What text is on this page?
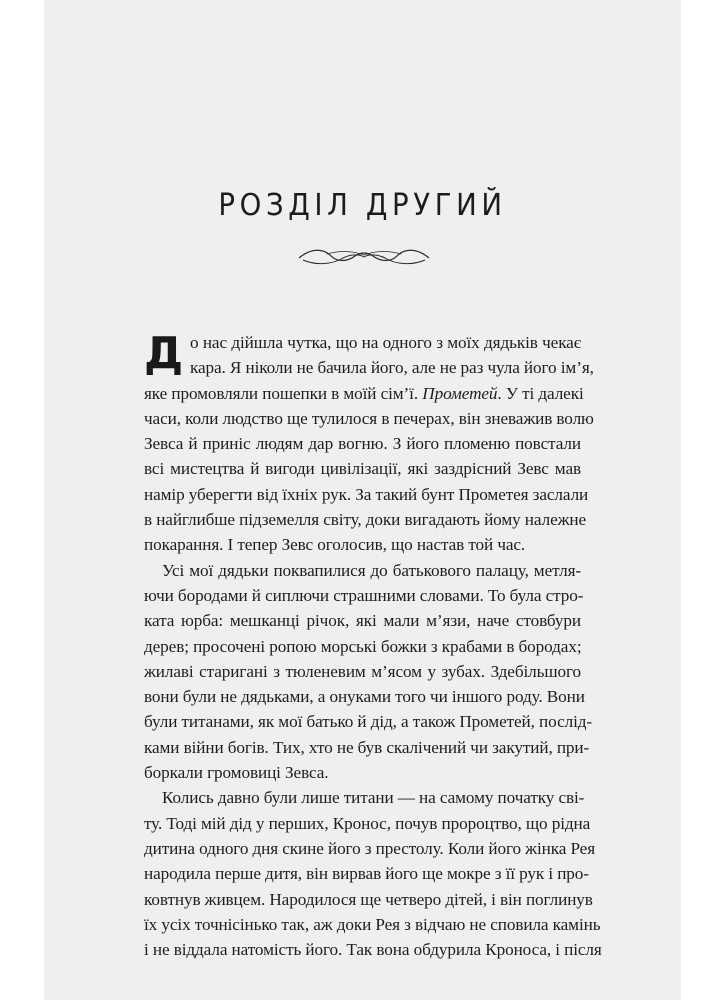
РОЗДІЛ ДРУГИЙ
Д о нас дійшла чутка, що на одного з моїх дядьків чекає
кара. Я ніколи не бачила його, але не раз чула його ім’я,
яке промовляли пошепки в моїй сім’ї. Прометей. У ті далекі
часи, коли людство ще тулилося в печерах, він зневажив волю
Зевса й приніс людям дар вогню. З його пломеню повстали
всі мистецтва й вигоди цивілізації, які заздрісний Зевс мав
намір уберегти від їхніх рук. За такий бунт Прометея заслали
в найглибше підземелля світу, доки вигадають йому належне
покарання. І тепер Зевс оголосив, що настав той час.
Усі мої дядьки поквапилися до батькового палацу, метля-
ючи бородами й сиплючи страшними словами. То була стро-
ката юрба: мешканці річок, які мали м’язи, наче стовбури
дерев; просочені ропою морські божки з крабами в бородах;
жилаві старигані з тюленевим м’ясом у зубах. Здебільшого
вони були не дядьками, а онуками того чи іншого роду. Вони
були титанами, як мої батько й дід, а також Прометей, послід-
ками війни богів. Тих, хто не був скалічений чи закутий, при-
боркали громовиці Зевса.
Колись давно були лише титани — на самому початку сві-
ту. Тоді мій дід у перших, Кронос, почув пророцтво, що рідна
дитина одного дня скине його з престолу. Коли його жінка Рея
народила перше дитя, він вирвав його ще мокре з її рук і про-
ковтнув живцем. Народилося ще четверо дітей, і він поглинув
їх усіх точнісінько так, аж доки Рея з відчаю не сповила камінь
і не віддала натомість його. Так вона обдурила Кроноса, і після
